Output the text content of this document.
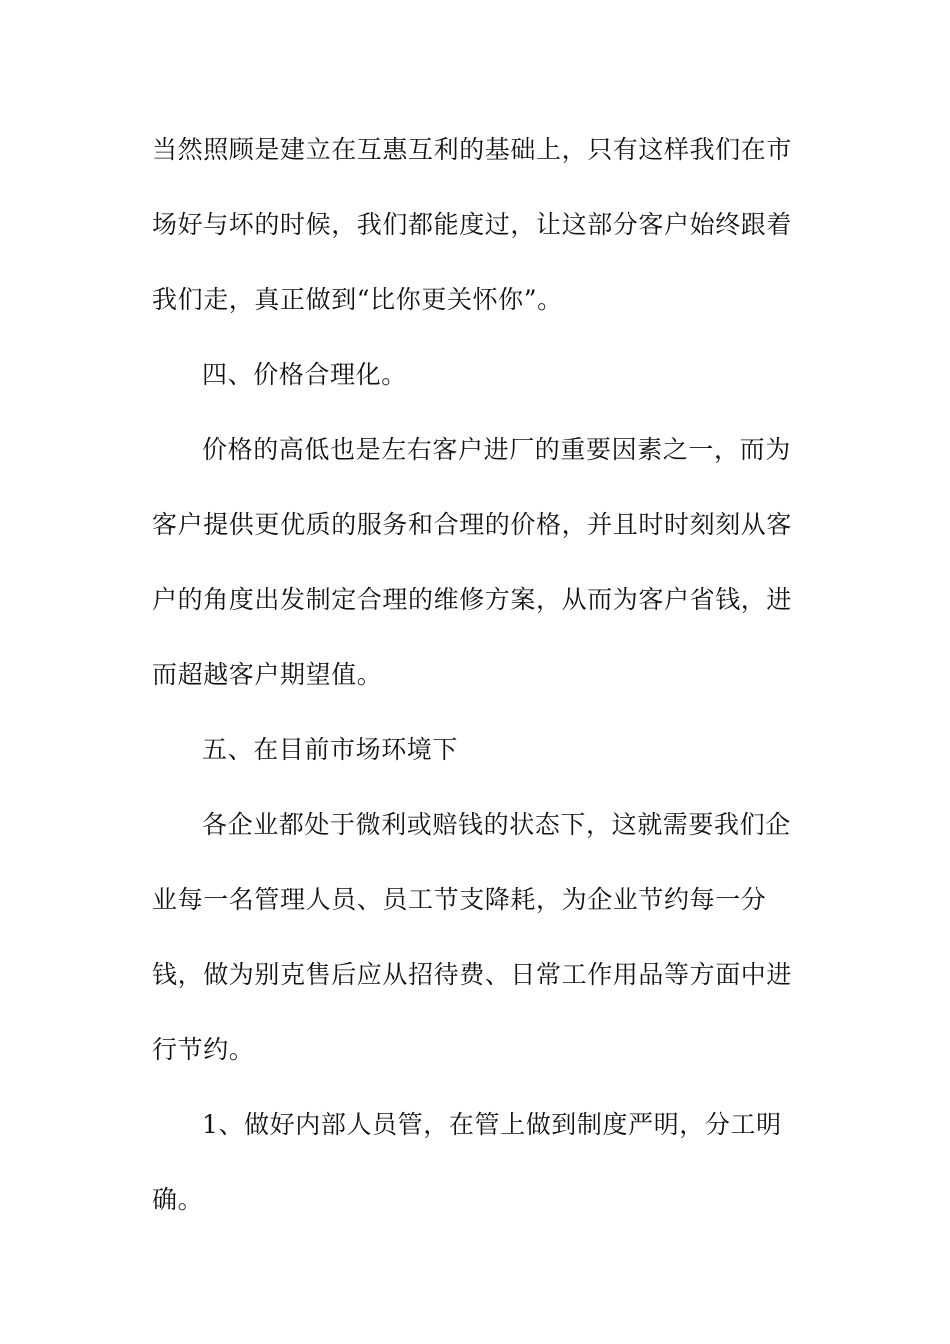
当然照顾是建立在互惠互利的基础上，只有这样我们在市
场好与坏的时候，我们都能度过，让这部分客户始终跟着
我们走，真正做到“比你更关怀你”。
四、价格合理化。
价格的高低也是左右客户进厂的重要因素之一，而为
客户提供更优质的服务和合理的价格，并且时时刻刻从客
户的角度出发制定合理的维修方案，从而为客户省钱，进
而超越客户期望值。
五、在目前市场环境下
各企业都处于微利或赔钱的状态下，这就需要我们企
业每一名管理人员、员工节支降耗，为企业节约每一分
钱，做为别克售后应从招待费、日常工作用品等方面中进
行节约。
1、做好内部人员管，在管上做到制度严明，分工明
确。
